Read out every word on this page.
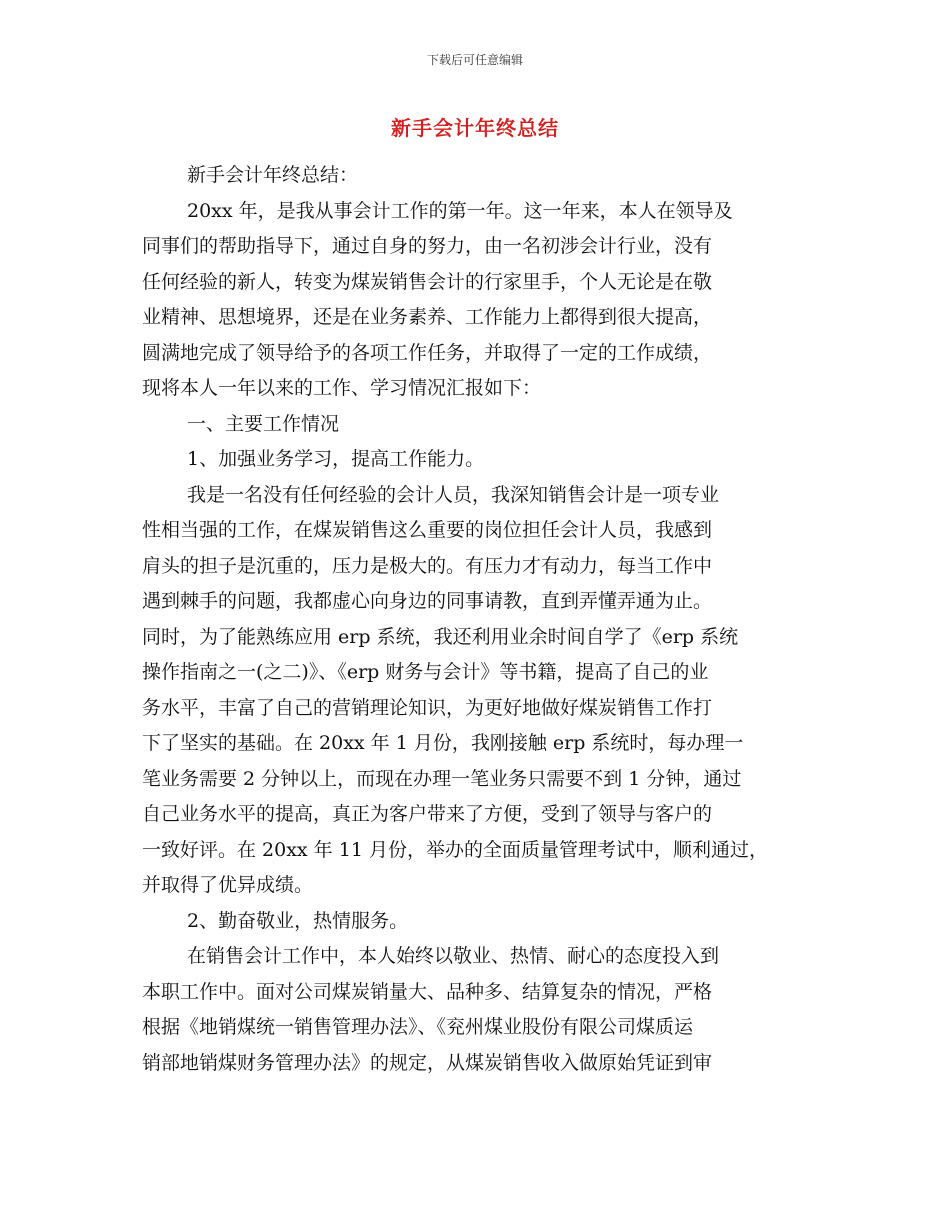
下载后可任意编辑
新手会计年终总结
新手会计年终总结：
20xx 年，是我从事会计工作的第一年。这一年来，本人在领导及
同事们的帮助指导下，通过自身的努力，由一名初涉会计行业，没有
任何经验的新人，转变为煤炭销售会计的行家里手，个人无论是在敬
业精神、思想境界，还是在业务素养、工作能力上都得到很大提高，
圆满地完成了领导给予的各项工作任务，并取得了一定的工作成绩，
现将本人一年以来的工作、学习情况汇报如下：
一、主要工作情况
1、加强业务学习，提高工作能力。
我是一名没有任何经验的会计人员，我深知销售会计是一项专业
性相当强的工作，在煤炭销售这么重要的岗位担任会计人员，我感到
肩头的担子是沉重的，压力是极大的。有压力才有动力，每当工作中
遇到棘手的问题，我都虚心向身边的同事请教，直到弄懂弄通为止。
同时，为了能熟练应用 erp 系统，我还利用业余时间自学了《erp 系统
操作指南之一(之二)》、《erp 财务与会计》等书籍，提高了自己的业
务水平，丰富了自己的营销理论知识，为更好地做好煤炭销售工作打
下了坚实的基础。在 20xx 年 1 月份，我刚接触 erp 系统时，每办理一
笔业务需要 2 分钟以上，而现在办理一笔业务只需要不到 1 分钟，通过
自己业务水平的提高，真正为客户带来了方便，受到了领导与客户的
一致好评。在 20xx 年 11 月份，举办的全面质量管理考试中，顺利通过，
并取得了优异成绩。
2、勤奋敬业，热情服务。
在销售会计工作中，本人始终以敬业、热情、耐心的态度投入到
本职工作中。面对公司煤炭销量大、品种多、结算复杂的情况，严格
根据《地销煤统一销售管理办法》、《兖州煤业股份有限公司煤质运
销部地销煤财务管理办法》的规定，从煤炭销售收入做原始凭证到审
